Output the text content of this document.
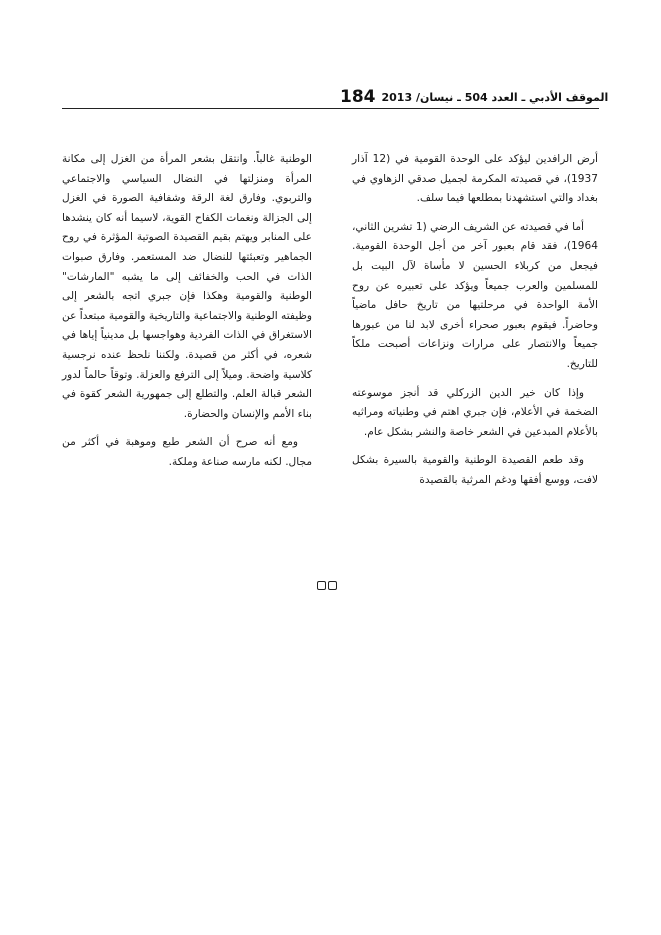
184 الموقف الأدبي ـ العدد 504 ـ نيسان/ 2013

أرض الرافدين ليؤكد على الوحدة القومية في (12 آذار 1937)، في قصيدته المكرمة لجميل صدقي الزهاوي في بغداد والتي استشهدنا بمطلعها فيما سلف.

أما في قصيدته عن الشريف الرضي (1 تشرين الثاني، 1964)، فقد قام بعبور آخر من أجل الوحدة القومية. فيجعل من كربلاء الحسين لا مأساة لآل البيت بل للمسلمين والعرب جميعاً ويؤكد على تعبيره عن روح الأمة الواحدة في مرحلتيها من تاريخ حافل ماضياً وحاضراً. فيقوم بعبور صحراء أخرى لابد لنا من عبورها جميعاً والانتصار على مرارات ونزاعات أصبحت ملكاً للتاريخ.

وإذا كان خير الدين الزركلي قد أنجز موسوعته الضخمة في الأعلام، فإن جبري اهتم في وطنياته ومراثيه بالأعلام المبدعين في الشعر خاصة والنشر بشكل عام.

وقد طعم القصيدة الوطنية والقومية بالسيرة بشكل لافت، ووسع أفقها ودغم المرثية بالقصيدة

الوطنية غالباً. وانتقل بشعر المرأة من الغزل إلى مكانة المرأة ومنزلتها في النضال السياسي والاجتماعي والتربوي. وفارق لغة الرقة وشفافية الصورة في الغزل إلى الجزالة ونغمات الكفاح القوية، لاسيما أنه كان ينشدها على المنابر ويهتم بقيم القصيدة الصوتية المؤثرة في روح الجماهير وتعبئتها للنضال ضد المستعمر. وفارق صبوات الذات في الحب والخفائف إلى ما يشبه "المارشات" الوطنية والقومية وهكذا فإن جبري اتجه بالشعر إلى وظيفته الوطنية والاجتماعية والتاريخية والقومية مبتعداً عن الاستغراق في الذات الفردية وهواجسها بل مدينياً إياها في شعره، في أكثر من قصيدة. ولكننا نلحظ عنده نرجسية كلاسية واضحة. وميلاً إلى الترفع والعزلة. وتوقاً حالماً لدور الشعر قبالة العلم. والتطلع إلى جمهورية الشعر كقوة في بناء الأمم والإنسان والحضارة.

ومع أنه صرح أن الشعر طبع وموهبة في أكثر من مجال. لكنه مارسه صناعة وملكة.
